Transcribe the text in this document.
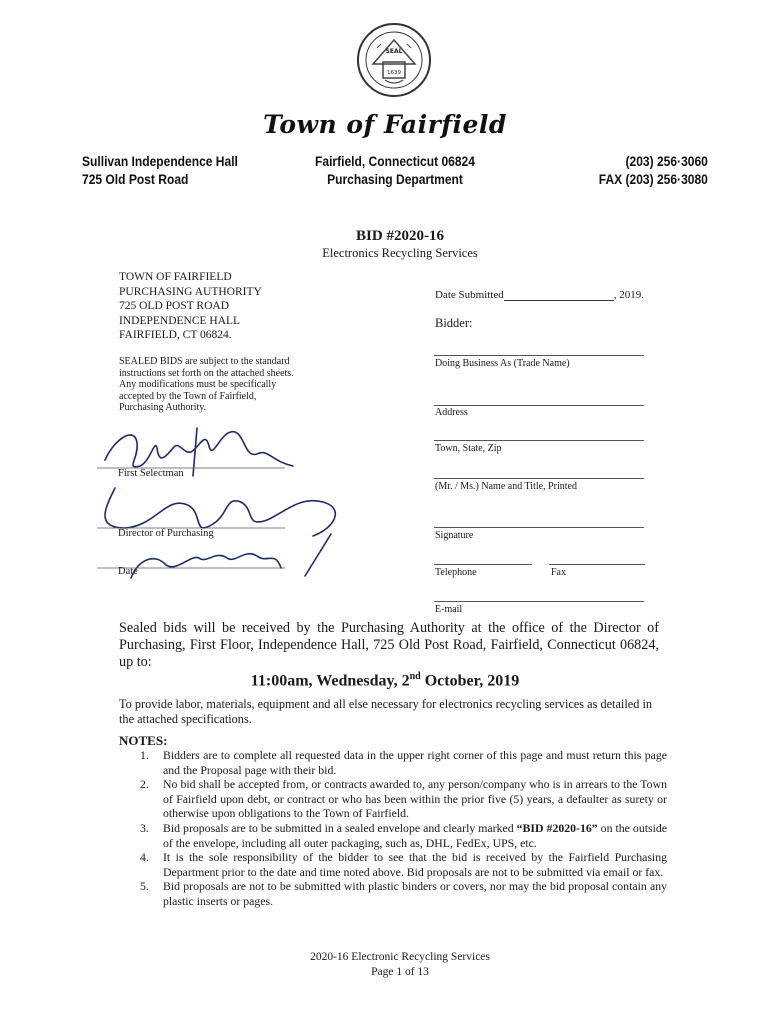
SEAL
1639
Town of Fairfield
Sullivan Independence Hall
725 Old Post Road
Fairfield, Connecticut 06824
Purchasing Department
(203) 256·3060
FAX (203) 256·3080
BID #2020-16
Electronics Recycling Services
TOWN OF FAIRFIELD
PURCHASING AUTHORITY
725 OLD POST ROAD
INDEPENDENCE HALL
FAIRFIELD, CT 06824.
SEALED BIDS are subject to the standard
instructions set forth on the attached sheets.
Any modifications must be specifically
accepted by the Town of Fairfield,
Purchasing Authority.
Date Submitted	, 2019.
Bidder:
Doing Business As (Trade Name)
Address
Town, State, Zip
(Mr. / Ms.) Name and Title, Printed
Signature
Telephone	Fax
E-mail
First Selectman
Director of Purchasing
Date
Sealed bids will be received by the Purchasing Authority at the office of the Director of Purchasing, First Floor, Independence Hall, 725 Old Post Road, Fairfield, Connecticut 06824, up to:
11:00am, Wednesday, 2nd October, 2019
To provide labor, materials, equipment and all else necessary for electronics recycling services as detailed in the attached specifications.
NOTES:
1. Bidders are to complete all requested data in the upper right corner of this page and must return this page and the Proposal page with their bid.
2. No bid shall be accepted from, or contracts awarded to, any person/company who is in arrears to the Town of Fairfield upon debt, or contract or who has been within the prior five (5) years, a defaulter as surety or otherwise upon obligations to the Town of Fairfield.
3. Bid proposals are to be submitted in a sealed envelope and clearly marked “BID #2020-16” on the outside of the envelope, including all outer packaging, such as, DHL, FedEx, UPS, etc.
4. It is the sole responsibility of the bidder to see that the bid is received by the Fairfield Purchasing Department prior to the date and time noted above. Bid proposals are not to be submitted via email or fax.
5. Bid proposals are not to be submitted with plastic binders or covers, nor may the bid proposal contain any plastic inserts or pages.
2020-16 Electronic Recycling Services
Page 1 of 13
